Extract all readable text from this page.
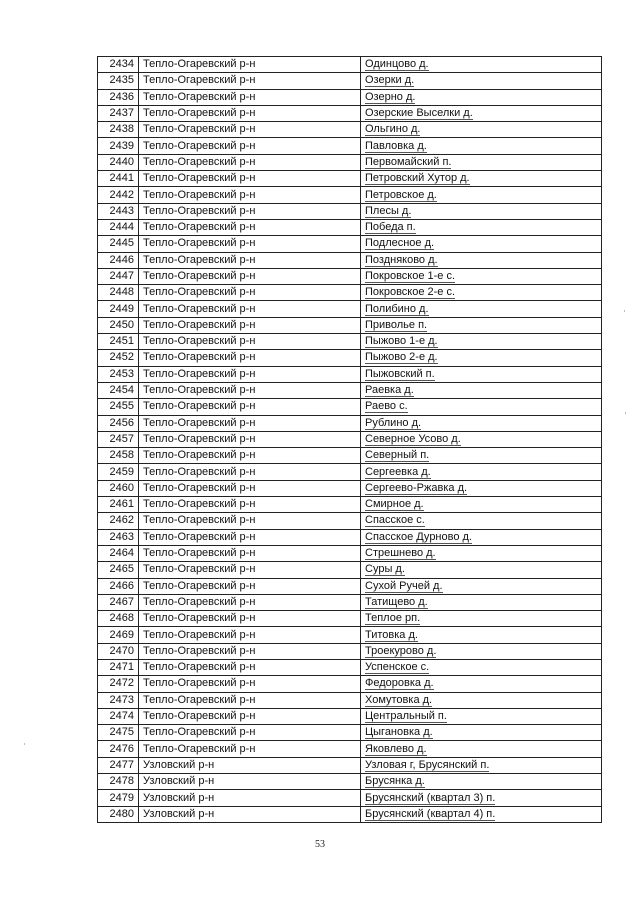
2434	Тепло-Огаревский р-н	Одинцово д.
2435	Тепло-Огаревский р-н	Озерки д.
2436	Тепло-Огаревский р-н	Озерно д.
2437	Тепло-Огаревский р-н	Озерские Выселки д.
2438	Тепло-Огаревский р-н	Ольгино д.
2439	Тепло-Огаревский р-н	Павловка д.
2440	Тепло-Огаревский р-н	Первомайский п.
2441	Тепло-Огаревский р-н	Петровский Хутор д.
2442	Тепло-Огаревский р-н	Петровское д.
2443	Тепло-Огаревский р-н	Плесы д.
2444	Тепло-Огаревский р-н	Победа п.
2445	Тепло-Огаревский р-н	Подлесное д.
2446	Тепло-Огаревский р-н	Поздняково д.
2447	Тепло-Огаревский р-н	Покровское 1-е с.
2448	Тепло-Огаревский р-н	Покровское 2-е с.
2449	Тепло-Огаревский р-н	Полибино д.
2450	Тепло-Огаревский р-н	Приволье п.
2451	Тепло-Огаревский р-н	Пыжово 1-е д.
2452	Тепло-Огаревский р-н	Пыжово 2-е д.
2453	Тепло-Огаревский р-н	Пыжовский п.
2454	Тепло-Огаревский р-н	Раевка д.
2455	Тепло-Огаревский р-н	Раево с.
2456	Тепло-Огаревский р-н	Рублино д.
2457	Тепло-Огаревский р-н	Северное Усово д.
2458	Тепло-Огаревский р-н	Северный п.
2459	Тепло-Огаревский р-н	Сергеевка д.
2460	Тепло-Огаревский р-н	Сергеево-Ржавка д.
2461	Тепло-Огаревский р-н	Смирное д.
2462	Тепло-Огаревский р-н	Спасское с.
2463	Тепло-Огаревский р-н	Спасское Дурново д.
2464	Тепло-Огаревский р-н	Стрешнево д.
2465	Тепло-Огаревский р-н	Суры д.
2466	Тепло-Огаревский р-н	Сухой Ручей д.
2467	Тепло-Огаревский р-н	Татищево д.
2468	Тепло-Огаревский р-н	Теплое рп.
2469	Тепло-Огаревский р-н	Титовка д.
2470	Тепло-Огаревский р-н	Троекурово д.
2471	Тепло-Огаревский р-н	Успенское с.
2472	Тепло-Огаревский р-н	Федоровка д.
2473	Тепло-Огаревский р-н	Хомутовка д.
2474	Тепло-Огаревский р-н	Центральный п.
2475	Тепло-Огаревский р-н	Цыгановка д.
2476	Тепло-Огаревский р-н	Яковлево д.
2477	Узловский р-н	Узловая г, Брусянский п.
2478	Узловский р-н	Брусянка д.
2479	Узловский р-н	Брусянский (квартал 3) п.
2480	Узловский р-н	Брусянский (квартал 4) п.
53
